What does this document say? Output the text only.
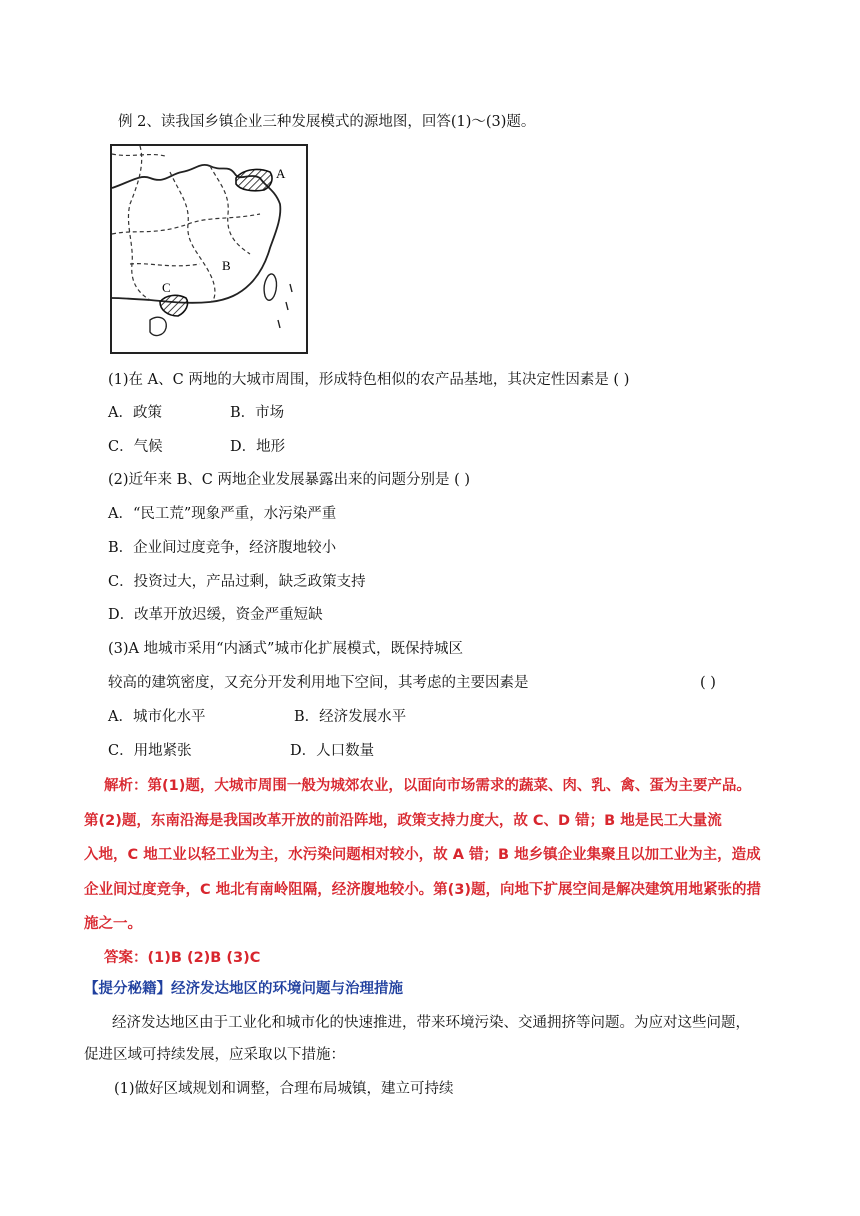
例 2、读我国乡镇企业三种发展模式的源地图，回答(1)～(3)题。
A
B
C
(1)在 A、C 两地的大城市周围，形成特色相似的农产品基地，其决定性因素是 ( )
A．政策	B．市场
C．气候	D．地形
(2)近年来 B、C 两地企业发展暴露出来的问题分别是 ( )
A．“民工荒”现象严重，水污染严重
B．企业间过度竞争，经济腹地较小
C．投资过大，产品过剩，缺乏政策支持
D．改革开放迟缓，资金严重短缺
(3)A 地城市采用“内涵式”城市化扩展模式，既保持城区
较高的建筑密度，又充分开发利用地下空间，其考虑的主要因素是	( )
A．城市化水平	B．经济发展水平
C．用地紧张	D．人口数量
解析：第(1)题，大城市周围一般为城郊农业，以面向市场需求的蔬菜、肉、乳、禽、蛋为主要产品。
第(2)题，东南沿海是我国改革开放的前沿阵地，政策支持力度大，故 C、D 错；B 地是民工大量流
入地，C 地工业以轻工业为主，水污染问题相对较小，故 A 错；B 地乡镇企业集聚且以加工业为主，造成
企业间过度竞争，C 地北有南岭阻隔，经济腹地较小。第(3)题，向地下扩展空间是解决建筑用地紧张的措
施之一。
答案：(1)B (2)B (3)C
【提分秘籍】经济发达地区的环境问题与治理措施
经济发达地区由于工业化和城市化的快速推进，带来环境污染、交通拥挤等问题。为应对这些问题，
促进区域可持续发展，应采取以下措施：
(1)做好区域规划和调整，合理布局城镇，建立可持续
